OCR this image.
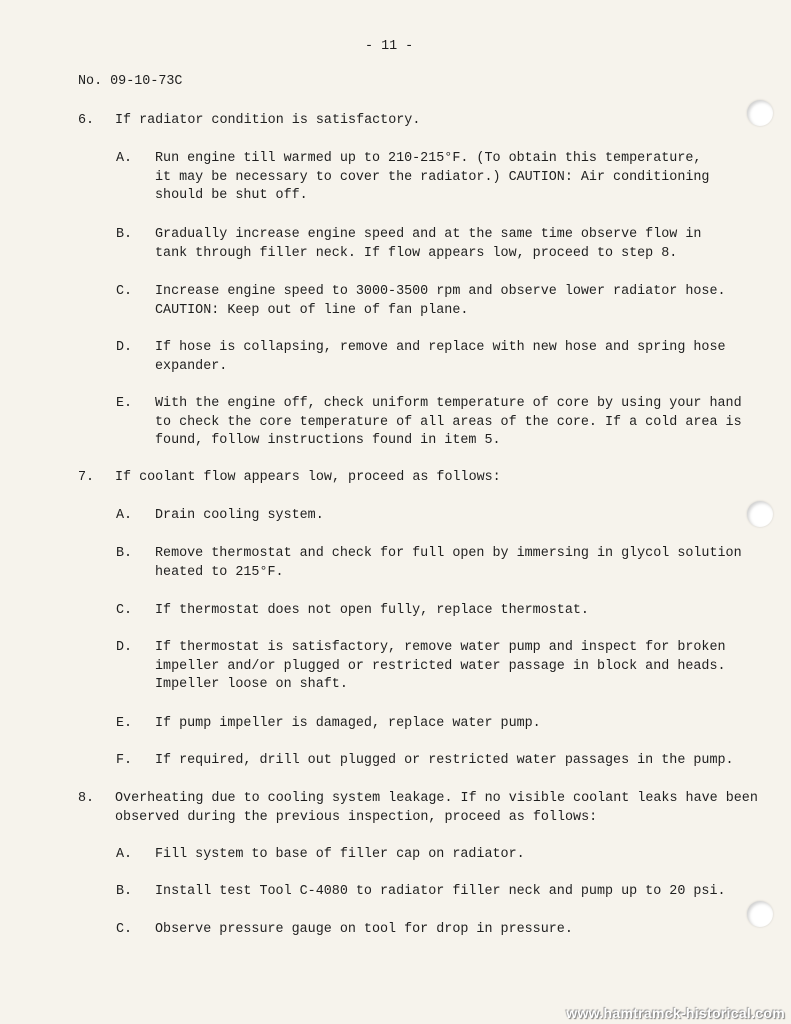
- 11 -
No. 09-10-73C
6. If radiator condition is satisfactory.
A. Run engine till warmed up to 210-215°F. (To obtain this temperature,
it may be necessary to cover the radiator.) CAUTION: Air conditioning
should be shut off.
B. Gradually increase engine speed and at the same time observe flow in
tank through filler neck. If flow appears low, proceed to step 8.
C. Increase engine speed to 3000-3500 rpm and observe lower radiator hose.
CAUTION: Keep out of line of fan plane.
D. If hose is collapsing, remove and replace with new hose and spring hose
expander.
E. With the engine off, check uniform temperature of core by using your hand
to check the core temperature of all areas of the core. If a cold area is
found, follow instructions found in item 5.
7. If coolant flow appears low, proceed as follows:
A. Drain cooling system.
B. Remove thermostat and check for full open by immersing in glycol solution
heated to 215°F.
C. If thermostat does not open fully, replace thermostat.
D. If thermostat is satisfactory, remove water pump and inspect for broken
impeller and/or plugged or restricted water passage in block and heads.
Impeller loose on shaft.
E. If pump impeller is damaged, replace water pump.
F. If required, drill out plugged or restricted water passages in the pump.
8. Overheating due to cooling system leakage. If no visible coolant leaks have been
observed during the previous inspection, proceed as follows:
A. Fill system to base of filler cap on radiator.
B. Install test Tool C-4080 to radiator filler neck and pump up to 20 psi.
C. Observe pressure gauge on tool for drop in pressure.
www.hamtramck-historical.com
